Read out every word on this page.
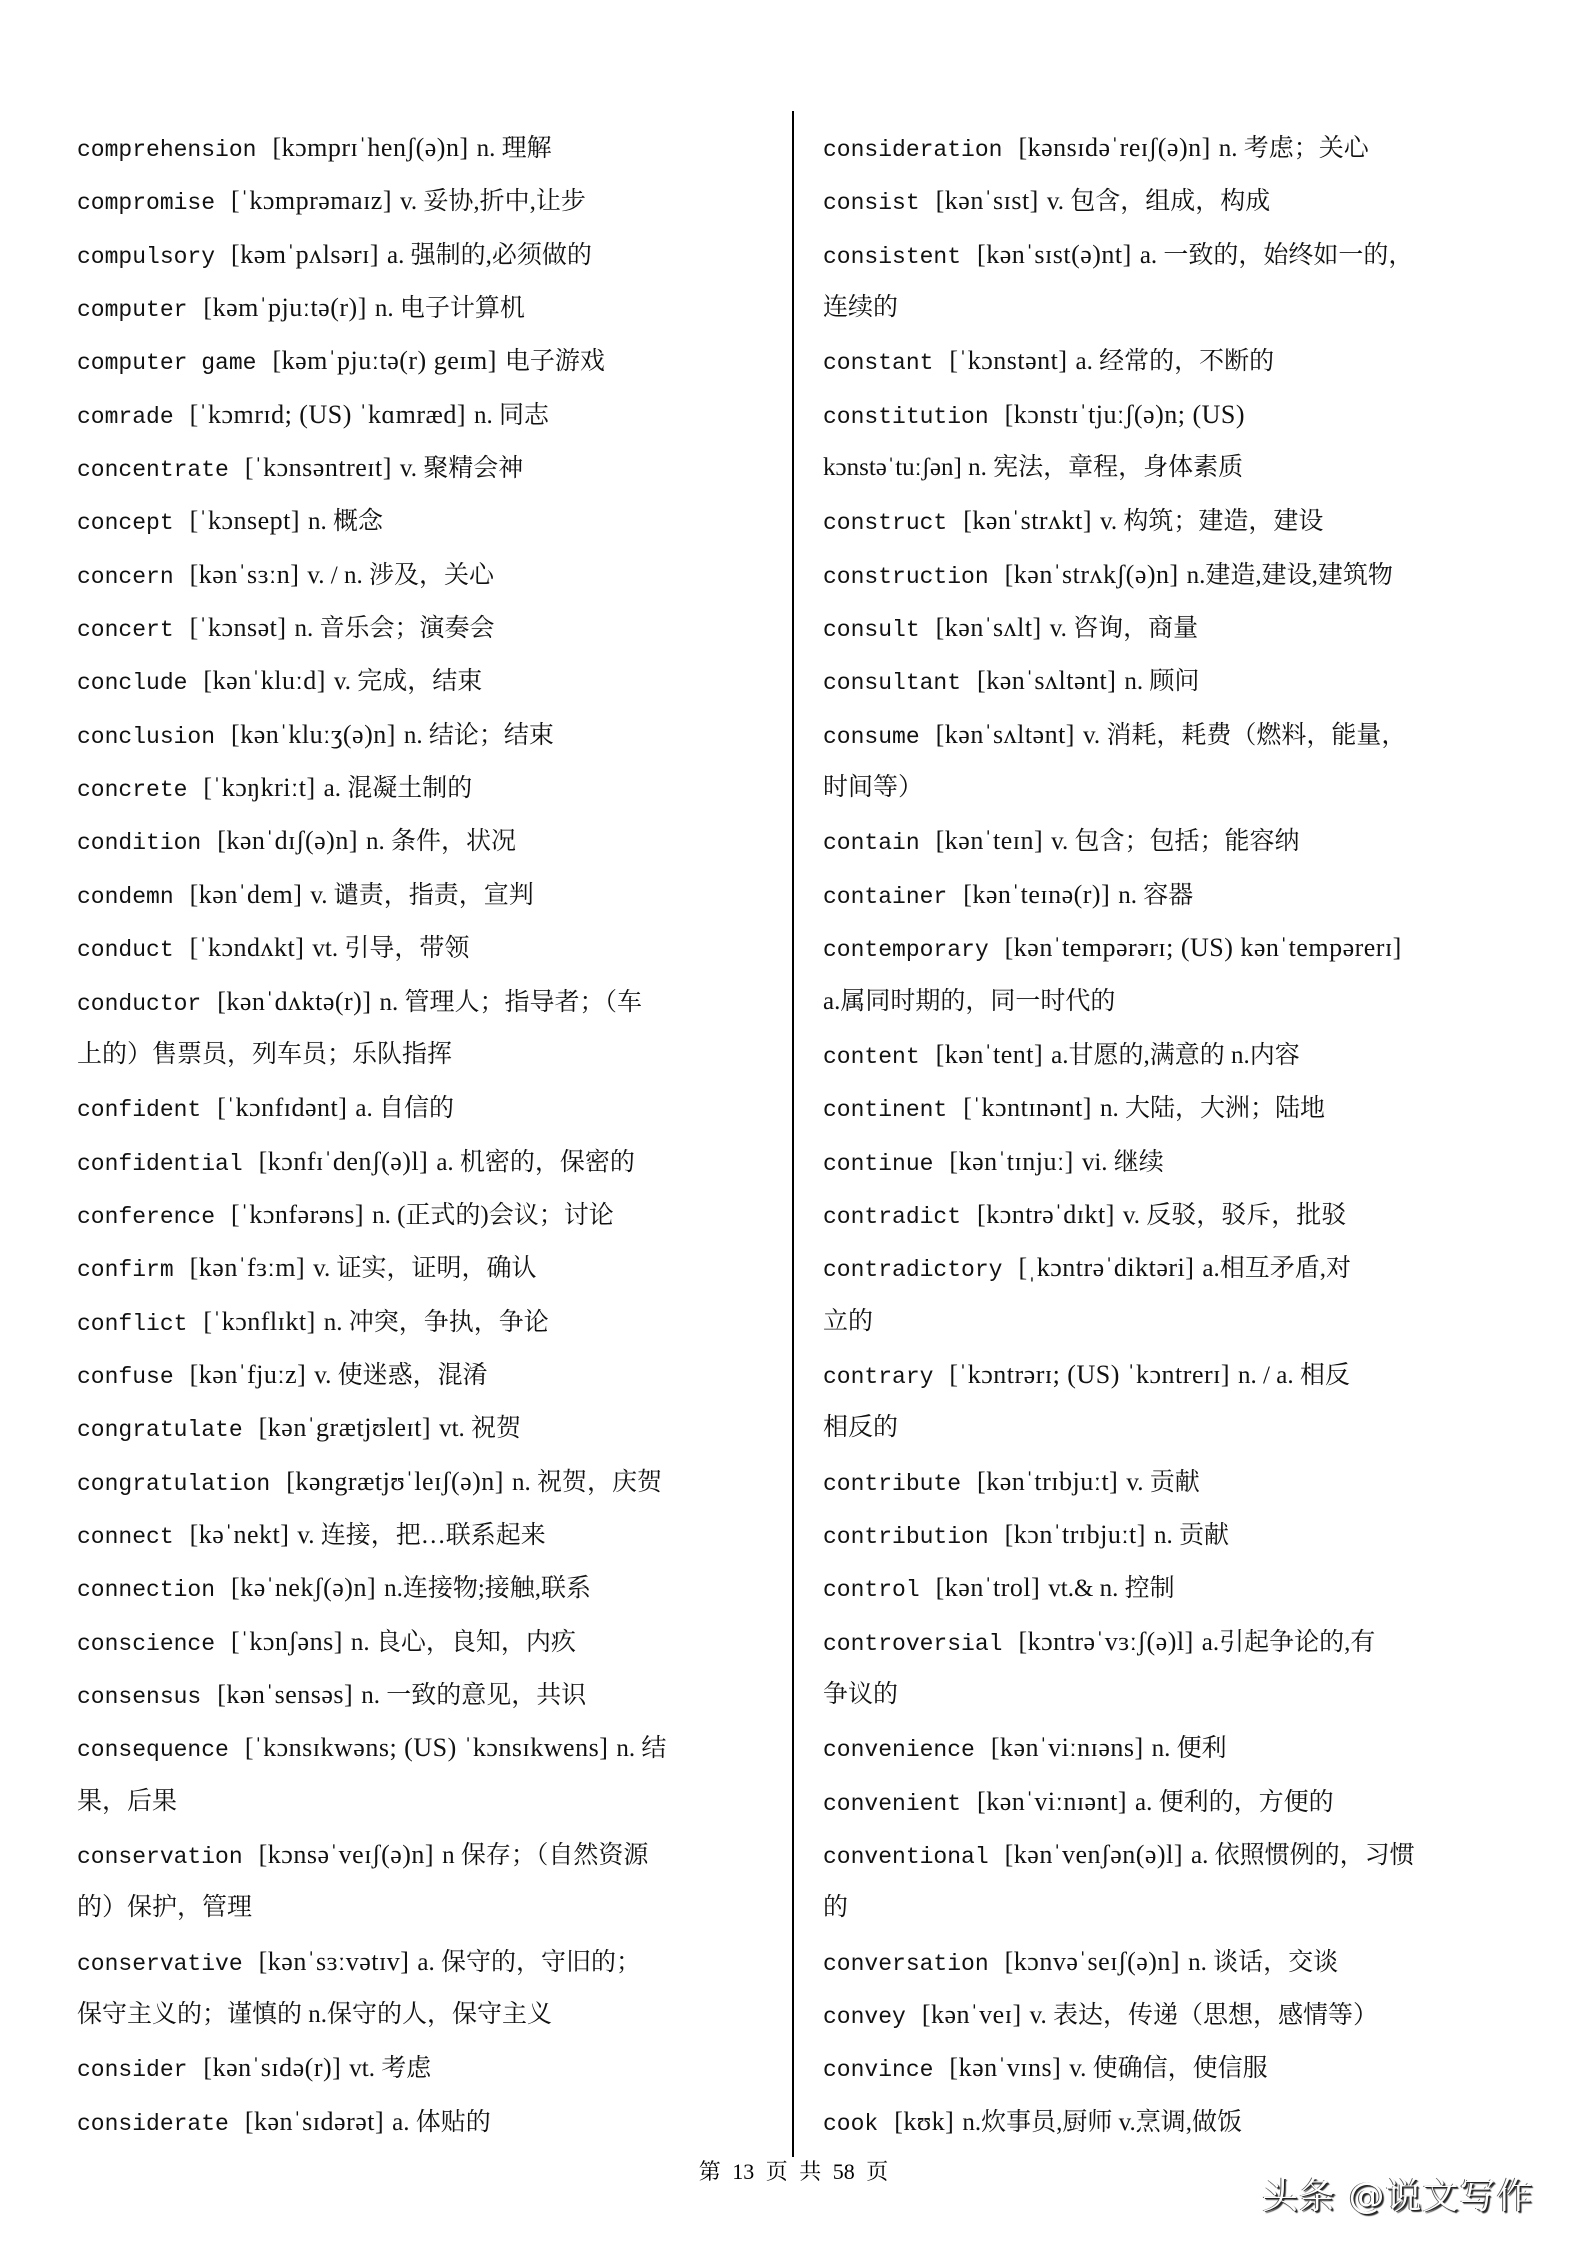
comprehension [kɔmprɪˈhenʃ(ə)n] n. 理解
compromise [ˈkɔmprəmaɪz] v. 妥协,折中,让步
compulsory [kəmˈpʌlsərɪ] a. 强制的,必须做的
computer [kəmˈpjuːtə(r)] n. 电子计算机
computer game [kəmˈpjuːtə(r) geɪm] 电子游戏
comrade [ˈkɔmrɪd; (US) ˈkɑmræd] n. 同志
concentrate [ˈkɔnsəntreɪt] v. 聚精会神
concept [ˈkɔnsept] n. 概念
concern [kənˈsɜːn] v. / n. 涉及，关心
concert [ˈkɔnsət] n. 音乐会；演奏会
conclude [kənˈkluːd] v. 完成，结束
conclusion [kənˈkluːʒ(ə)n] n. 结论；结束
concrete [ˈkɔŋkriːt] a. 混凝土制的
condition [kənˈdɪʃ(ə)n] n. 条件，状况
condemn [kənˈdem] v. 谴责，指责，宣判
conduct [ˈkɔndʌkt] vt. 引导，带领
conductor [kənˈdʌktə(r)] n. 管理人；指导者；（车
上的）售票员，列车员；乐队指挥
confident [ˈkɔnfɪdənt] a. 自信的
confidential [kɔnfɪˈdenʃ(ə)l] a. 机密的，保密的
conference [ˈkɔnfərəns] n. (正式的)会议；讨论
confirm [kənˈfɜːm] v. 证实，证明，确认
conflict [ˈkɔnflɪkt] n. 冲突，争执，争论
confuse [kənˈfjuːz] v. 使迷惑，混淆
congratulate [kənˈgrætjʊleɪt] vt. 祝贺
congratulation [kəngrætjʊˈleɪʃ(ə)n] n. 祝贺，庆贺
connect [kəˈnekt] v. 连接，把…联系起来
connection [kəˈnekʃ(ə)n] n.连接物;接触,联系
conscience [ˈkɔnʃəns] n. 良心，良知，内疚
consensus [kənˈsensəs] n. 一致的意见，共识
consequence [ˈkɔnsɪkwəns; (US) ˈkɔnsɪkwens] n. 结
果，后果
conservation [kɔnsəˈveɪʃ(ə)n] n 保存；（自然资源
的）保护，管理
conservative [kənˈsɜːvətɪv] a. 保守的，守旧的；
保守主义的；谨慎的 n.保守的人，保守主义
consider [kənˈsɪdə(r)] vt. 考虑
considerate [kənˈsɪdərət] a. 体贴的
consideration [kənsɪdəˈreɪʃ(ə)n] n. 考虑；关心
consist [kənˈsɪst] v. 包含，组成，构成
consistent [kənˈsɪst(ə)nt] a. 一致的，始终如一的，
连续的
constant [ˈkɔnstənt] a. 经常的，不断的
constitution [kɔnstɪˈtjuːʃ(ə)n; (US)
kɔnstəˈtuːʃən] n. 宪法，章程，身体素质
construct [kənˈstrʌkt] v. 构筑；建造，建设
construction [kənˈstrʌkʃ(ə)n] n.建造,建设,建筑物
consult [kənˈsʌlt] v. 咨询，商量
consultant [kənˈsʌltənt] n. 顾问
consume [kənˈsʌltənt] v. 消耗，耗费（燃料，能量，
时间等）
contain [kənˈteɪn] v. 包含；包括；能容纳
container [kənˈteɪnə(r)] n. 容器
contemporary [kənˈtempərərɪ; (US) kənˈtempərerɪ]
a.属同时期的，同一时代的
content [kənˈtent] a.甘愿的,满意的 n.内容
continent [ˈkɔntɪnənt] n. 大陆，大洲；陆地
continue [kənˈtɪnjuː] vi. 继续
contradict [kɔntrəˈdɪkt] v. 反驳，驳斥，批驳
contradictory [ˌkɔntrəˈdiktəri] a.相互矛盾,对
立的
contrary [ˈkɔntrərɪ; (US) ˈkɔntrerɪ] n. / a. 相反
相反的
contribute [kənˈtrɪbjuːt] v. 贡献
contribution [kɔnˈtrɪbjuːt] n. 贡献
control [kənˈtrol] vt.& n. 控制
controversial [kɔntrəˈvɜːʃ(ə)l] a.引起争论的,有
争议的
convenience [kənˈviːnɪəns] n. 便利
convenient [kənˈviːnɪənt] a. 便利的，方便的
conventional [kənˈvenʃən(ə)l] a. 依照惯例的，习惯
的
conversation [kɔnvəˈseɪʃ(ə)n] n. 谈话，交谈
convey [kənˈveɪ] v. 表达，传递（思想，感情等）
convince [kənˈvɪns] v. 使确信，使信服
cook [kʊk] n.炊事员,厨师 v.烹调,做饭
第 13 页 共 58 页
头条 @说文写作
